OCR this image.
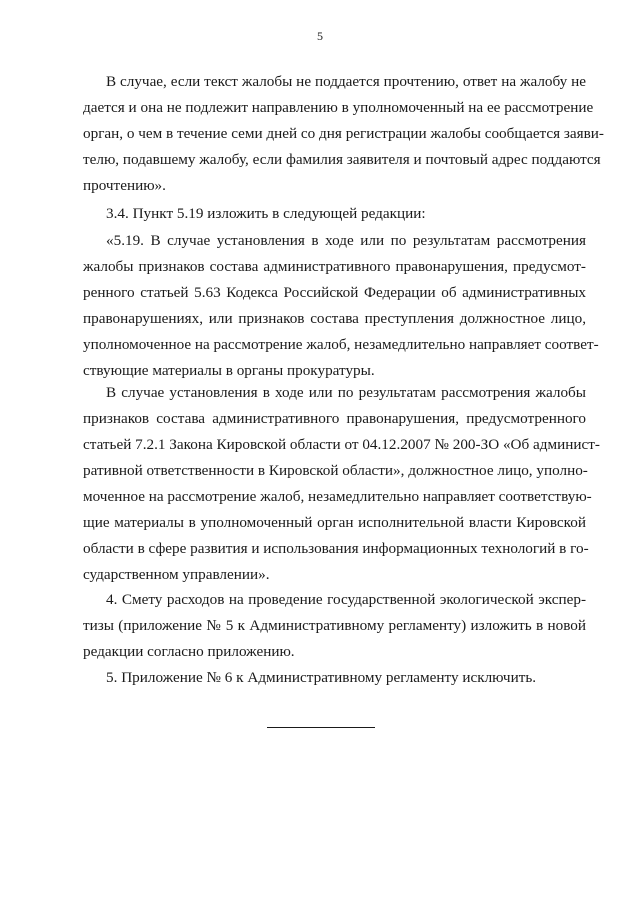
5
В случае, если текст жалобы не поддается прочтению, ответ на жалобу не
дается и она не подлежит направлению в уполномоченный на ее рассмотрение
орган, о чем в течение семи дней со дня регистрации жалобы сообщается заяви-
телю, подавшему жалобу, если фамилия заявителя и почтовый адрес поддаются
прочтению».
3.4. Пункт 5.19 изложить в следующей редакции:
«5.19. В случае установления в ходе или по результатам рассмотрения
жалобы признаков состава административного правонарушения, предусмот-
ренного статьей 5.63 Кодекса Российской Федерации об административных
правонарушениях, или признаков состава преступления должностное лицо,
уполномоченное на рассмотрение жалоб, незамедлительно направляет соответ-
ствующие материалы в органы прокуратуры.
В случае установления в ходе или по результатам рассмотрения жалобы
признаков состава административного правонарушения, предусмотренного
статьей 7.2.1 Закона Кировской области от 04.12.2007 № 200-ЗО «Об админист-
ративной ответственности в Кировской области», должностное лицо, уполно-
моченное на рассмотрение жалоб, незамедлительно направляет соответствую-
щие материалы в уполномоченный орган исполнительной власти Кировской
области в сфере развития и использования информационных технологий в го-
сударственном управлении».
4. Смету расходов на проведение государственной экологической экспер-
тизы (приложение № 5 к Административному регламенту) изложить в новой
редакции согласно приложению.
5. Приложение № 6 к Административному регламенту исключить.
